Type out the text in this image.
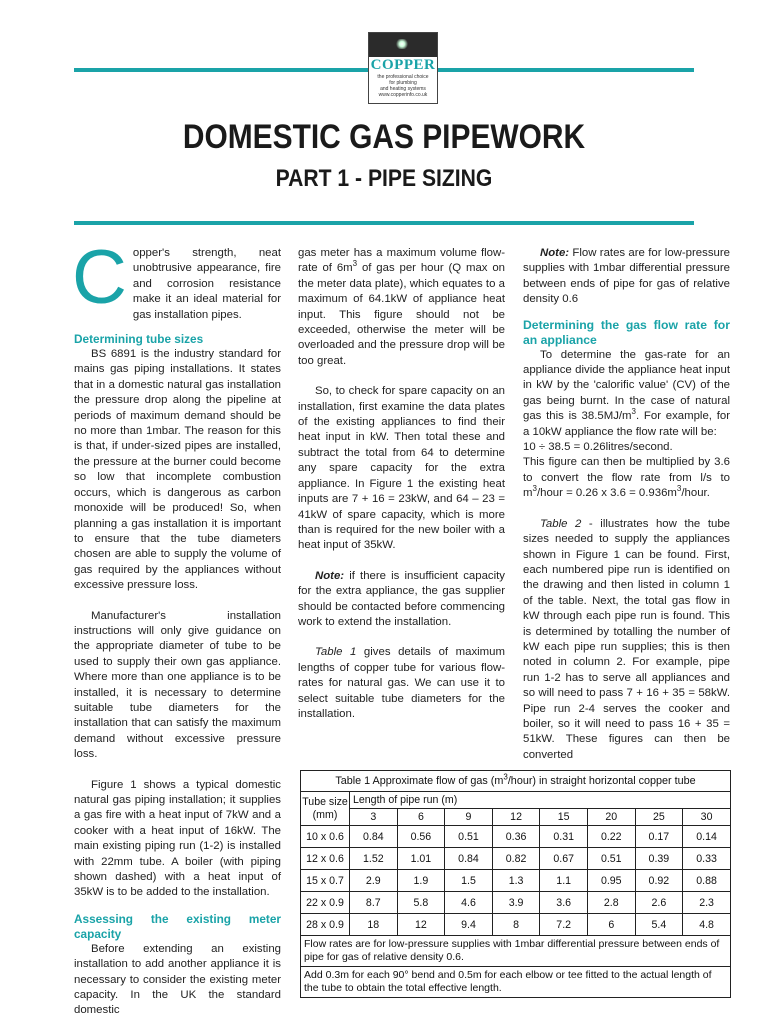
COPPER
the professional choice
for plumbing
and heating systems
www.copperinfo.co.uk
DOMESTIC GAS PIPEWORK
PART 1 - PIPE SIZING

Copper's strength, neat unobtrusive appearance, fire and corrosion resistance make it an ideal material for gas installation pipes.

Determining tube sizes

BS 6891 is the industry standard for mains gas piping installations. It states that in a domestic natural gas installation the pressure drop along the pipeline at periods of maximum demand should be no more than 1mbar. The reason for this is that, if under-sized pipes are installed, the pressure at the burner could become so low that incomplete combustion occurs, which is dangerous as carbon monoxide will be produced! So, when planning a gas installation it is important to ensure that the tube diameters chosen are able to supply the volume of gas required by the appliances without excessive pressure loss.

Manufacturer's installation instructions will only give guidance on the appropriate diameter of tube to be used to supply their own gas appliance. Where more than one appliance is to be installed, it is necessary to determine suitable tube diameters for the installation that can satisfy the maximum demand without excessive pressure loss.

Figure 1 shows a typical domestic natural gas piping installation; it supplies a gas fire with a heat input of 7kW and a cooker with a heat input of 16kW. The main existing piping run (1-2) is installed with 22mm tube. A boiler (with piping shown dashed) with a heat input of 35kW is to be added to the installation.

Assessing the existing meter capacity

Before extending an existing installation to add another appliance it is necessary to consider the existing meter capacity. In the UK the standard domestic

gas meter has a maximum volume flow-rate of $6m^3$ of gas per hour (Q max on the meter data plate), which equates to a maximum of 64.1kW of appliance heat input. This figure should not be exceeded, otherwise the meter will be overloaded and the pressure drop will be too great.

So, to check for spare capacity on an installation, first examine the data plates of the existing appliances to find their heat input in kW. Then total these and subtract the total from 64 to determine any spare capacity for the extra appliance. In Figure 1 the existing heat inputs are 7 + 16 = 23kW, and 64 – 23 = 41kW of spare capacity, which is more than is required for the new boiler with a heat input of 35kW.

Note: if there is insufficient capacity for the extra appliance, the gas supplier should be contacted before commencing work to extend the installation.

Table 1 gives details of maximum lengths of copper tube for various flow-rates for natural gas. We can use it to select suitable tube diameters for the installation.

Note: Flow rates are for low-pressure supplies with 1mbar differential pressure between ends of pipe for gas of relative density 0.6

Determining the gas flow rate for an appliance

To determine the gas-rate for an appliance divide the appliance heat input in kW by the 'calorific value' (CV) of the gas being burnt. In the case of natural gas this is $38.5MJ/m^3$. For example, for a 10kW appliance the flow rate will be:

10 ÷ 38.5 = 0.26litres/second.

This figure can then be multiplied by 3.6 to convert the flow rate from l/s to $m^3$/hour = 0.26 x $3.6 = 0.936m^3$/hour.

Table 2 - illustrates how the tube sizes needed to supply the appliances shown in Figure 1 can be found. First, each numbered pipe run is identified on the drawing and then listed in column 1 of the table. Next, the total gas flow in kW through each pipe run is found. This is determined by totalling the number of kW each pipe run supplies; this is then noted in column 2. For example, pipe run 1-2 has to serve all appliances and so will need to pass 7 + 16 + 35 = 58kW. Pipe run 2-4 serves the cooker and boiler, so it will need to pass 16 + 35 = 51kW. These figures can then be converted

Table 1 Approximate flow of gas $(m^3/hour)$ in straight horizontal copper tube								
Tube size
(mm)	Length of pipe run (m)							
	3	6	9	12	15	20	25	30
10 x 0.6	0.84	0.56	0.51	0.36	0.31	0.22	0.17	0.14
12 x 0.6	1.52	1.01	0.84	0.82	0.67	0.51	0.39	0.33
15 x 0.7	2.9	1.9	1.5	1.3	1.1	0.95	0.92	0.88
22 x 0.9	8.7	5.8	4.6	3.9	3.6	2.8	2.6	2.3
28 x 0.9	18	12	9.4	8	7.2	6	5.4	4.8
Flow rates are for low-pressure supplies with 1mbar differential pressure between ends of pipe for gas of relative density 0.6.								
Add 0.3m for each 90° bend and 0.5m for each elbow or tee fitted to the actual length of the tube to obtain the total effective length.								
